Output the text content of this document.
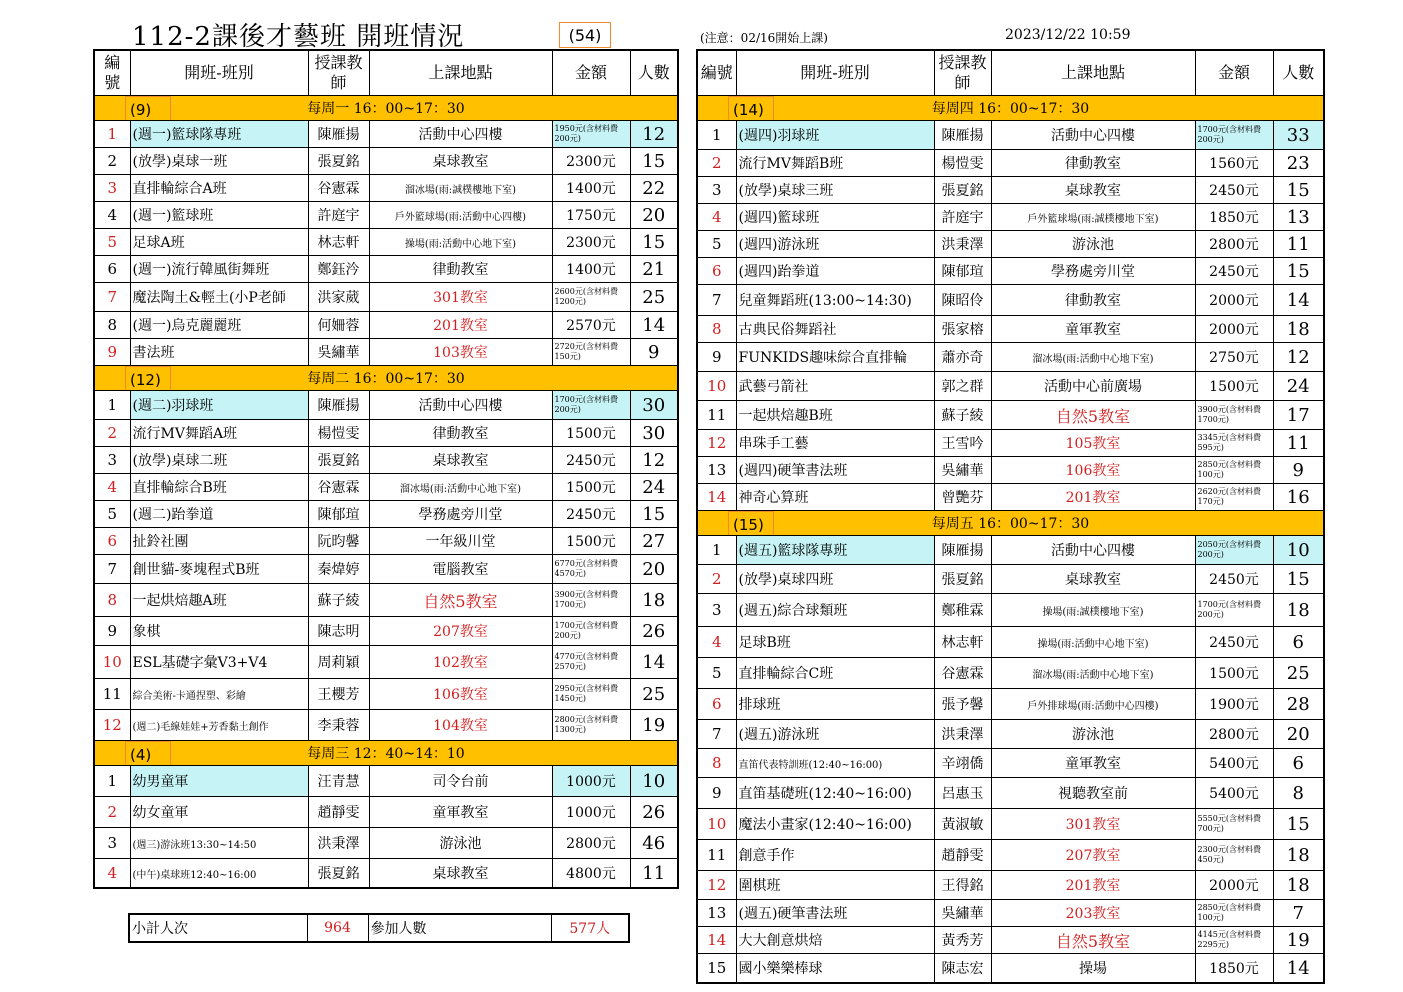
112-2課後才藝班 開班情況	(54)	(注意：02/16開始上課)	2023/12/22 10:59
編號	開班-班別	授課教師	上課地點	金額	人數

(9) 每周一 16：00~17：30					

1	(週一)籃球隊專班	陳雁揚	活動中心四樓	1950元(含材料費200元)	12
2	(放學)桌球一班	張夏銘	桌球教室	2300元	15
3	直排輪綜合A班	谷憲霖	溜冰場(雨:誠樸樓地下室)	1400元	22
4	(週一)籃球班	許庭宇	戶外籃球場(雨:活動中心四樓)	1750元	20
5	足球A班	林志軒	操場(雨:活動中心地下室)	2300元	15
6	(週一)流行韓風街舞班	鄭鈺汵	律動教室	1400元	21
7	魔法陶土&輕土(小P老師	洪家葳	301教室	2600元(含材料費1200元)	25
8	(週一)烏克麗麗班	何姍蓉	201教室	2570元	14
9	書法班	吳繡華	103教室	2720元(含材料費150元)	9

(12) 每周二 16：00~17：30					

1	(週二)羽球班	陳雁揚	活動中心四樓	1700元(含材料費200元)	30
2	流行MV舞蹈A班	楊愷雯	律動教室	1500元	30
3	(放學)桌球二班	張夏銘	桌球教室	2450元	12
4	直排輪綜合B班	谷憲霖	溜冰場(雨:活動中心地下室)	1500元	24
5	(週二)跆拳道	陳郁瑄	學務處旁川堂	2450元	15
6	扯鈴社團	阮昀馨	一年級川堂	1500元	27
7	創世貓-麥塊程式B班	秦煒婷	電腦教室	6770元(含材料費4570元)	20
8	一起烘焙趣A班	蘇子綾	自然5教室	3900元(含材料費1700元)	18
9	象棋	陳志明	207教室	1700元(含材料費200元)	26
10	ESL基礎字彙V3+V4	周莉穎	102教室	4770元(含材料費2570元)	14
11	綜合美術-卡通捏塑、彩繪	王櫻芳	106教室	2950元(含材料費1450元)	25
12	(週二)毛線娃娃+芳香黏土創作	李秉蓉	104教室	2800元(含材料費1300元)	19

(4) 每周三 12：40~14：10					

1	幼男童軍	汪青慧	司令台前	1000元	10
2	幼女童軍	趙靜雯	童軍教室	1000元	26
3	(週三)游泳班13:30~14:50	洪秉澤	游泳池	2800元	46
4	(中午)桌球班12:40~16:00	張夏銘	桌球教室	4800元	11
小計人次	964	參加人數	577人
編號	開班-班別	授課教師	上課地點	金額	人數

(14) 每周四 16：00~17：30					

1	(週四)羽球班	陳雁揚	活動中心四樓	1700元(含材料費200元)	33
2	流行MV舞蹈B班	楊愷雯	律動教室	1560元	23
3	(放學)桌球三班	張夏銘	桌球教室	2450元	15
4	(週四)籃球班	許庭宇	戶外籃球場(雨:誠樸樓地下室)	1850元	13
5	(週四)游泳班	洪秉澤	游泳池	2800元	11
6	(週四)跆拳道	陳郁瑄	學務處旁川堂	2450元	15
7	兒童舞蹈班(13:00~14:30)	陳昭伶	律動教室	2000元	14
8	古典民俗舞蹈社	張家榕	童軍教室	2000元	18
9	FUNKIDS趣味綜合直排輪	蕭亦奇	溜冰場(雨:活動中心地下室)	2750元	12
10	武藝弓箭社	郭之群	活動中心前廣場	1500元	24
11	一起烘焙趣B班	蘇子綾	自然5教室	3900元(含材料費1700元)	17
12	串珠手工藝	王雪吟	105教室	3345元(含材料費595元)	11
13	(週四)硬筆書法班	吳繡華	106教室	2850元(含材料費100元)	9
14	神奇心算班	曾艷芬	201教室	2620元(含材料費170元)	16

(15) 每周五 16：00~17：30					

1	(週五)籃球隊專班	陳雁揚	活動中心四樓	2050元(含材料費200元)	10
2	(放學)桌球四班	張夏銘	桌球教室	2450元	15
3	(週五)綜合球類班	鄭稚霖	操場(雨:誠樸樓地下室)	1700元(含材料費200元)	18
4	足球B班	林志軒	操場(雨:活動中心地下室)	2450元	6
5	直排輪綜合C班	谷憲霖	溜冰場(雨:活動中心地下室)	1500元	25
6	排球班	張予馨	戶外排球場(雨:活動中心四樓)	1900元	28
7	(週五)游泳班	洪秉澤	游泳池	2800元	20
8	直笛代表特訓班(12:40~16:00)	辛翊僑	童軍教室	5400元	6
9	直笛基礎班(12:40~16:00)	呂惠玉	視聽教室前	5400元	8
10	魔法小畫家(12:40~16:00)	黃淑敏	301教室	5550元(含材料費700元)	15
11	創意手作	趙靜雯	207教室	2300元(含材料費450元)	18
12	圍棋班	王得銘	201教室	2000元	18
13	(週五)硬筆書法班	吳繡華	203教室	2850元(含材料費100元)	7
14	大大創意烘焙	黃秀芳	自然5教室	4145元(含材料費2295元)	19
15	國小樂樂棒球	陳志宏	操場	1850元	14
